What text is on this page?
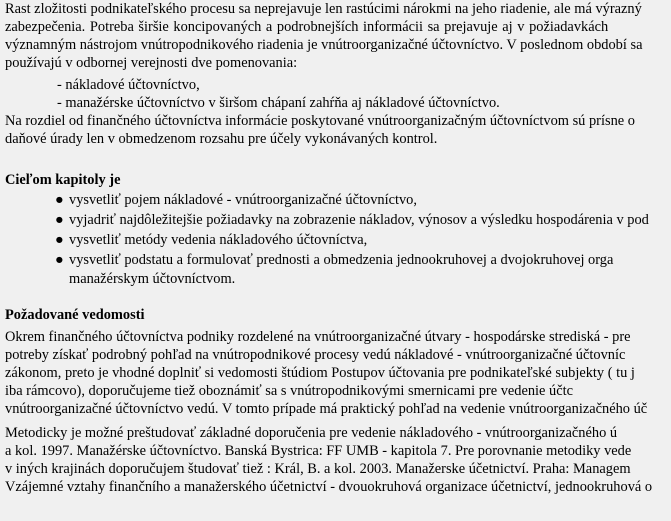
Rast zložitosti podnikateľského procesu sa neprejavuje len rastúcimi nárokmi na jeho riadenie, ale má výrazný
zabezpečenia. Potreba širšie koncipovaných a podrobnejších informácii sa prejavuje aj v požiadavkách
významným nástrojom vnútropodnikového riadenia je vnútroorganizačné účtovníctvo. V poslednom období sa
používajú v odbornej verejnosti dve pomenovania:
- nákladové účtovníctvo,
- manažérske účtovníctvo v širšom chápaní zahŕňa aj nákladové účtovníctvo.
Na rozdiel od finančného účtovníctva informácie poskytované vnútroorganizačným účtovníctvom sú prísne o
daňové úrady len v obmedzenom rozsahu pre účely vykonávaných kontrol.
Cieľom kapitoly je
● vysvetliť pojem nákladové - vnútroorganizačné účtovníctvo,
● vyjadriť najdôležitejšie požiadavky na zobrazenie nákladov, výnosov a výsledku hospodárenia v pod
● vysvetliť metódy vedenia nákladového účtovníctva,
● vysvetliť podstatu a formulovať prednosti a obmedzenia jednookruhovej a dvojokruhovej orga
manažérskym účtovníctvom.
Požadované vedomosti
Okrem finančného účtovníctva podniky rozdelené na vnútroorganizačné útvary - hospodárske strediská - pre
potreby získať podrobný pohľad na vnútropodnikové procesy vedú nákladové - vnútroorganizačné účtovníc
zákonom, preto je vhodné doplniť si vedomosti štúdiom Postupov účtovania pre podnikateľské subjekty ( tu j
iba rámcovo), doporučujeme tiež oboznámiť sa s vnútropodnikovými smernicami pre vedenie účtc
vnútroorganizačné účtovníctvo vedú. V tomto prípade má praktický pohľad na vedenie vnútroorganizačného úč
Metodicky je možné preštudovať základné doporučenia pre vedenie nákladového - vnútroorganizačného ú
a kol. 1997. Manažérske účtovníctvo. Banská Bystrica: FF UMB - kapitola 7. Pre porovnanie metodiky vede
v iných krajinách doporučujem študovať tiež : Král, B. a kol. 2003. Manažerske účetnictví. Praha: Managem
Vzájemné vztahy finančního a manažerského účetnictví - dvouokruhová organizace účetnictví, jednookruhová o
